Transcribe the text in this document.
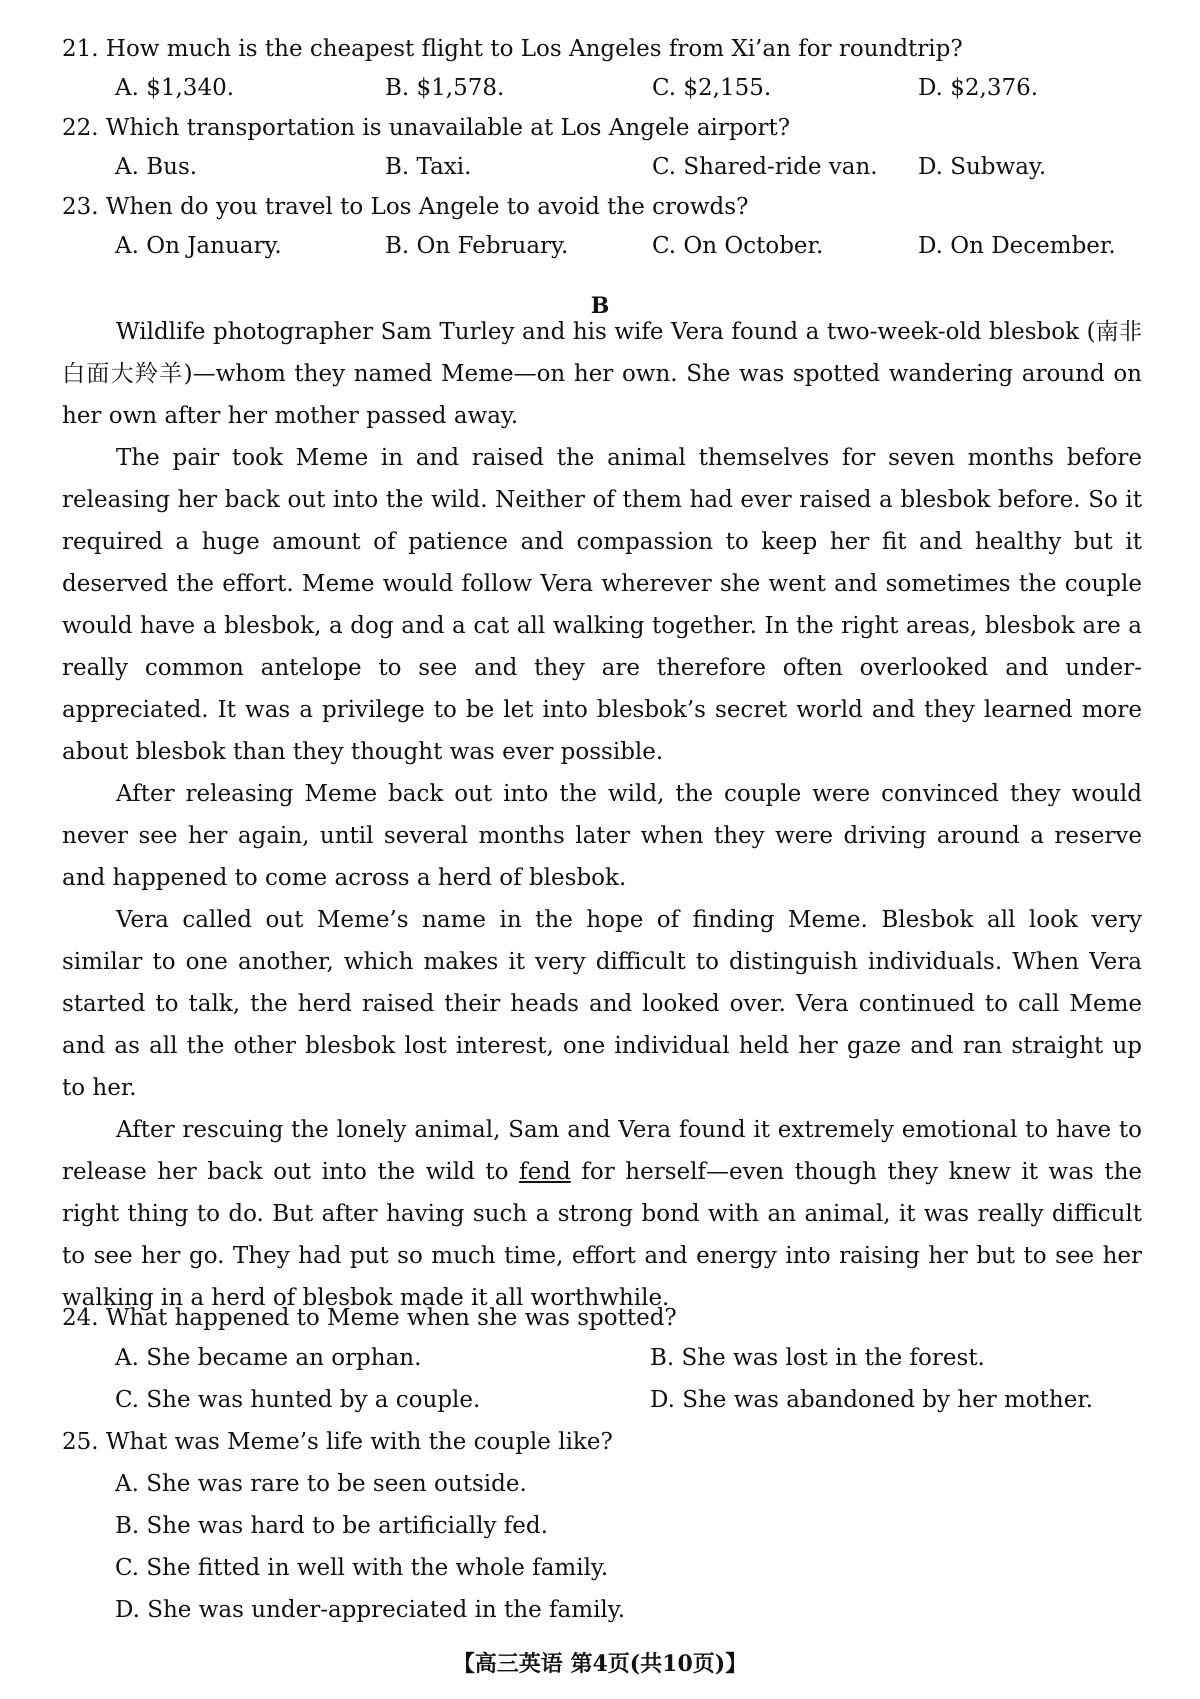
21. How much is the cheapest flight to Los Angeles from Xi’an for roundtrip?
A. $1,340.	B. $1,578.	C. $2,155.	D. $2,376.
22. Which transportation is unavailable at Los Angele airport?
A. Bus.	B. Taxi.	C. Shared-ride van. D. Subway.
23. When do you travel to Los Angele to avoid the crowds?
A. On January.	B. On February.	C. On October.	D. On December.
B

Wildlife photographer Sam Turley and his wife Vera found a two-week-old blesbok (南非白面大羚羊)—whom they named Meme—on her own. She was spotted wandering around on her own after her mother passed away.

The pair took Meme in and raised the animal themselves for seven months before releasing her back out into the wild. Neither of them had ever raised a blesbok before. So it required a huge amount of patience and compassion to keep her fit and healthy but it deserved the effort. Meme would follow Vera wherever she went and sometimes the couple would have a blesbok, a dog and a cat all walking together. In the right areas, blesbok are a really common antelope to see and they are therefore often overlooked and under-appreciated. It was a privilege to be let into blesbok’s secret world and they learned more about blesbok than they thought was ever possible.

After releasing Meme back out into the wild, the couple were convinced they would never see her again, until several months later when they were driving around a reserve and happened to come across a herd of blesbok.

Vera called out Meme’s name in the hope of finding Meme. Blesbok all look very similar to one another, which makes it very difficult to distinguish individuals. When Vera started to talk, the herd raised their heads and looked over. Vera continued to call Meme and as all the other blesbok lost interest, one individual held her gaze and ran straight up to her.

After rescuing the lonely animal, Sam and Vera found it extremely emotional to have to release her back out into the wild to fend for herself—even though they knew it was the right thing to do. But after having such a strong bond with an animal, it was really difficult to see her go. They had put so much time, effort and energy into raising her but to see her walking in a herd of blesbok made it all worthwhile.

24. What happened to Meme when she was spotted?
A. She became an orphan.	B. She was lost in the forest.
C. She was hunted by a couple.	D. She was abandoned by her mother.
25. What was Meme’s life with the couple like?
A. She was rare to be seen outside.
B. She was hard to be artificially fed.
C. She fitted in well with the whole family.
D. She was under-appreciated in the family.
【高三英语 第4页(共10页)】
